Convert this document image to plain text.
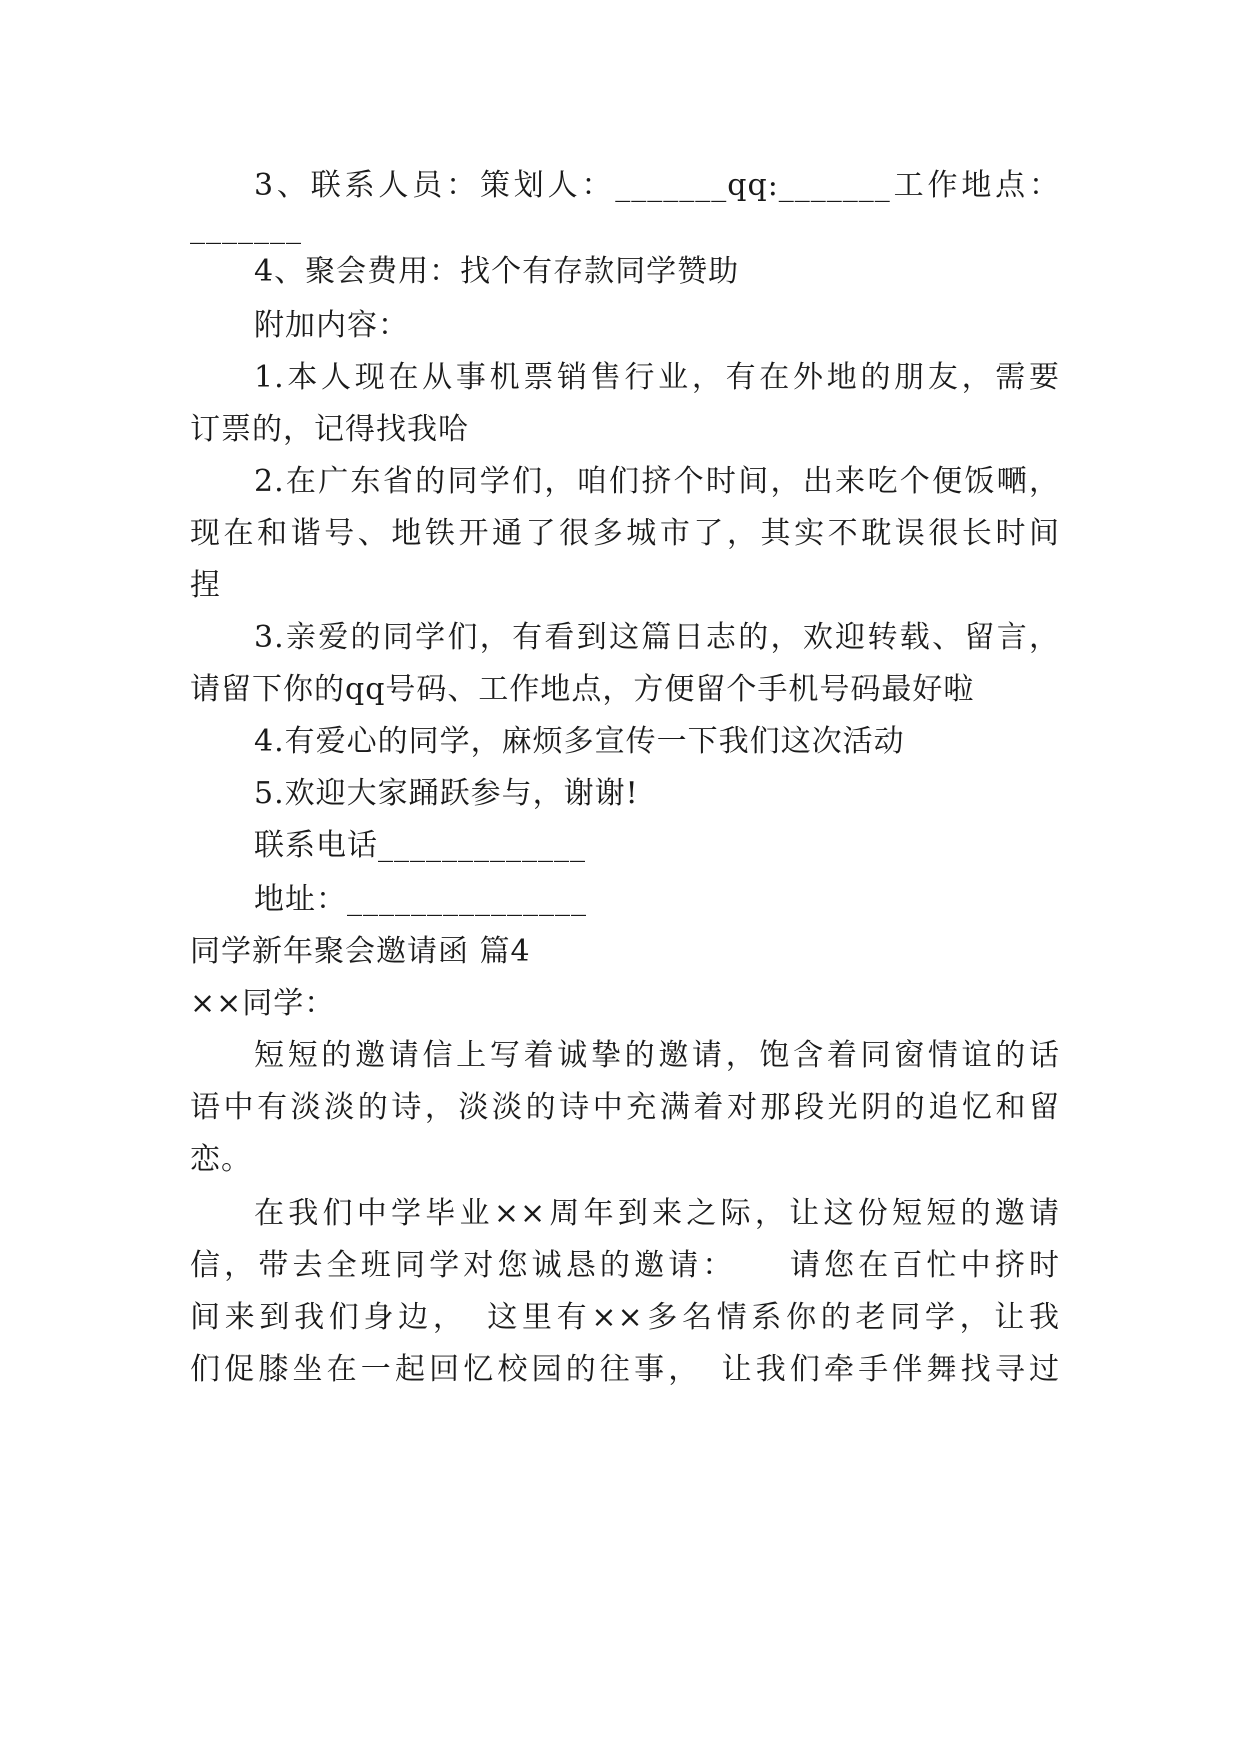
3、联系人员：策划人：_______qq:_______工作地点：
_______
4、聚会费用：找个有存款同学赞助
附加内容：
1.本人现在从事机票销售行业，有在外地的朋友，需要
订票的，记得找我哈
2.在广东省的同学们，咱们挤个时间，出来吃个便饭嗮，
现在和谐号、地铁开通了很多城市了，其实不耽误很长时间
捏
3.亲爱的同学们，有看到这篇日志的，欢迎转载、留言，
请留下你的qq号码、工作地点，方便留个手机号码最好啦
4.有爱心的同学，麻烦多宣传一下我们这次活动
5.欢迎大家踊跃参与，谢谢!
联系电话_____________
地址：_______________
同学新年聚会邀请函 篇4
××同学：
短短的邀请信上写着诚挚的邀请，饱含着同窗情谊的话
语中有淡淡的诗，淡淡的诗中充满着对那段光阴的追忆和留
恋。
在我们中学毕业××周年到来之际，让这份短短的邀请
信，带去全班同学对您诚恳的邀请：　　请您在百忙中挤时
间来到我们身边，　这里有××多名情系你的老同学，让我
们促膝坐在一起回忆校园的往事，　让我们牵手伴舞找寻过
